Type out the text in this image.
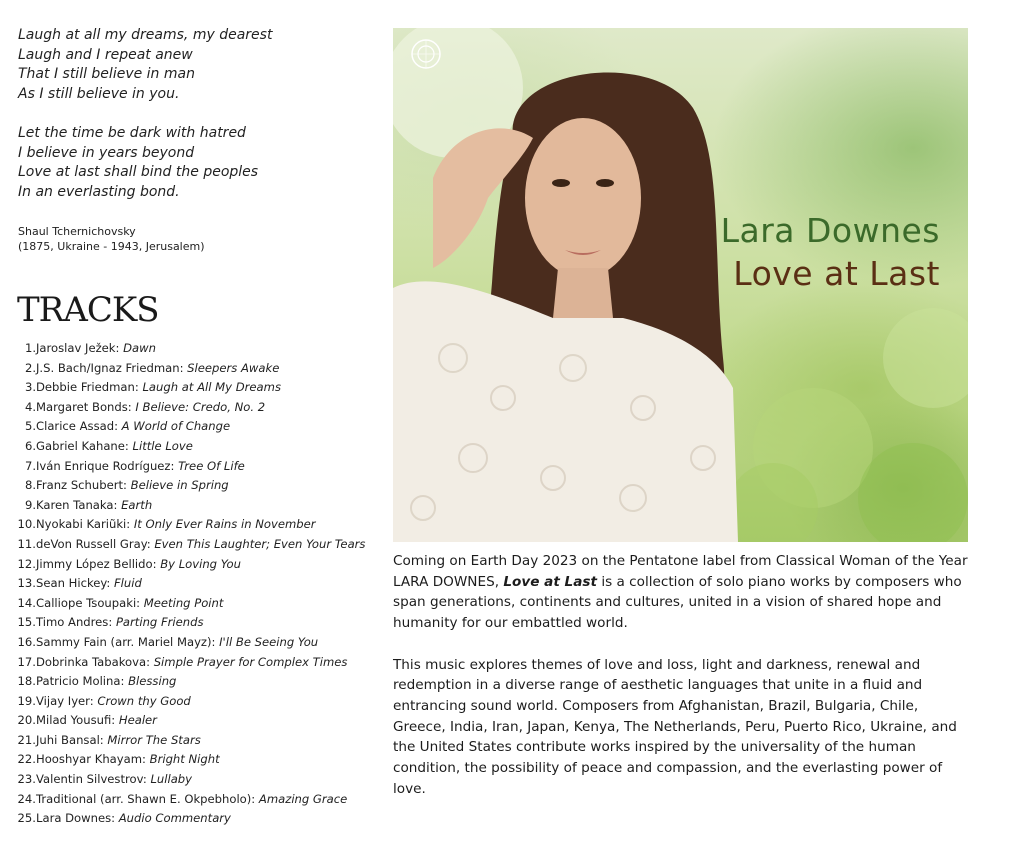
Laugh at all my dreams, my dearest
Laugh and I repeat anew
That I still believe in man
As I still believe in you.
Let the time be dark with hatred
I believe in years beyond
Love at last shall bind the peoples
In an everlasting bond.
Shaul Tchernichovsky
(1875, Ukraine - 1943, Jerusalem)
TRACKS
1. Jaroslav Ježek: Dawn
2. J.S. Bach/Ignaz Friedman: Sleepers Awake
3. Debbie Friedman: Laugh at All My Dreams
4. Margaret Bonds: I Believe: Credo, No. 2
5. Clarice Assad: A World of Change
6. Gabriel Kahane: Little Love
7. Iván Enrique Rodríguez: Tree Of Life
8. Franz Schubert: Believe in Spring
9. Karen Tanaka: Earth
10. Nyokabi Kariũki: It Only Ever Rains in November
11. deVon Russell Gray: Even This Laughter; Even Your Tears
12. Jimmy López Bellido: By Loving You
13. Sean Hickey: Fluid
14. Calliope Tsoupaki: Meeting Point
15. Timo Andres: Parting Friends
16. Sammy Fain (arr. Mariel Mayz): I'll Be Seeing You
17. Dobrinka Tabakova: Simple Prayer for Complex Times
18. Patricio Molina: Blessing
19. Vijay Iyer: Crown thy Good
20. Milad Yousufi: Healer
21. Juhi Bansal: Mirror The Stars
22. Hooshyar Khayam: Bright Night
23. Valentin Silvestrov: Lullaby
24. Traditional (arr. Shawn E. Okpebholo): Amazing Grace
25. Lara Downes: Audio Commentary
Lara Downes
Love at Last

Coming on Earth Day 2023 on the Pentatone label from Classical Woman of the Year LARA DOWNES, Love at Last is a collection of solo piano works by composers who span generations, continents and cultures, united in a vision of shared hope and humanity for our embattled world.

This music explores themes of love and loss, light and darkness, renewal and redemption in a diverse range of aesthetic languages that unite in a fluid and entrancing sound world. Composers from Afghanistan, Brazil, Bulgaria, Chile, Greece, India, Iran, Japan, Kenya, The Netherlands, Peru, Puerto Rico, Ukraine, and the United States contribute works inspired by the universality of the human condition, the possibility of peace and compassion, and the everlasting power of love.
